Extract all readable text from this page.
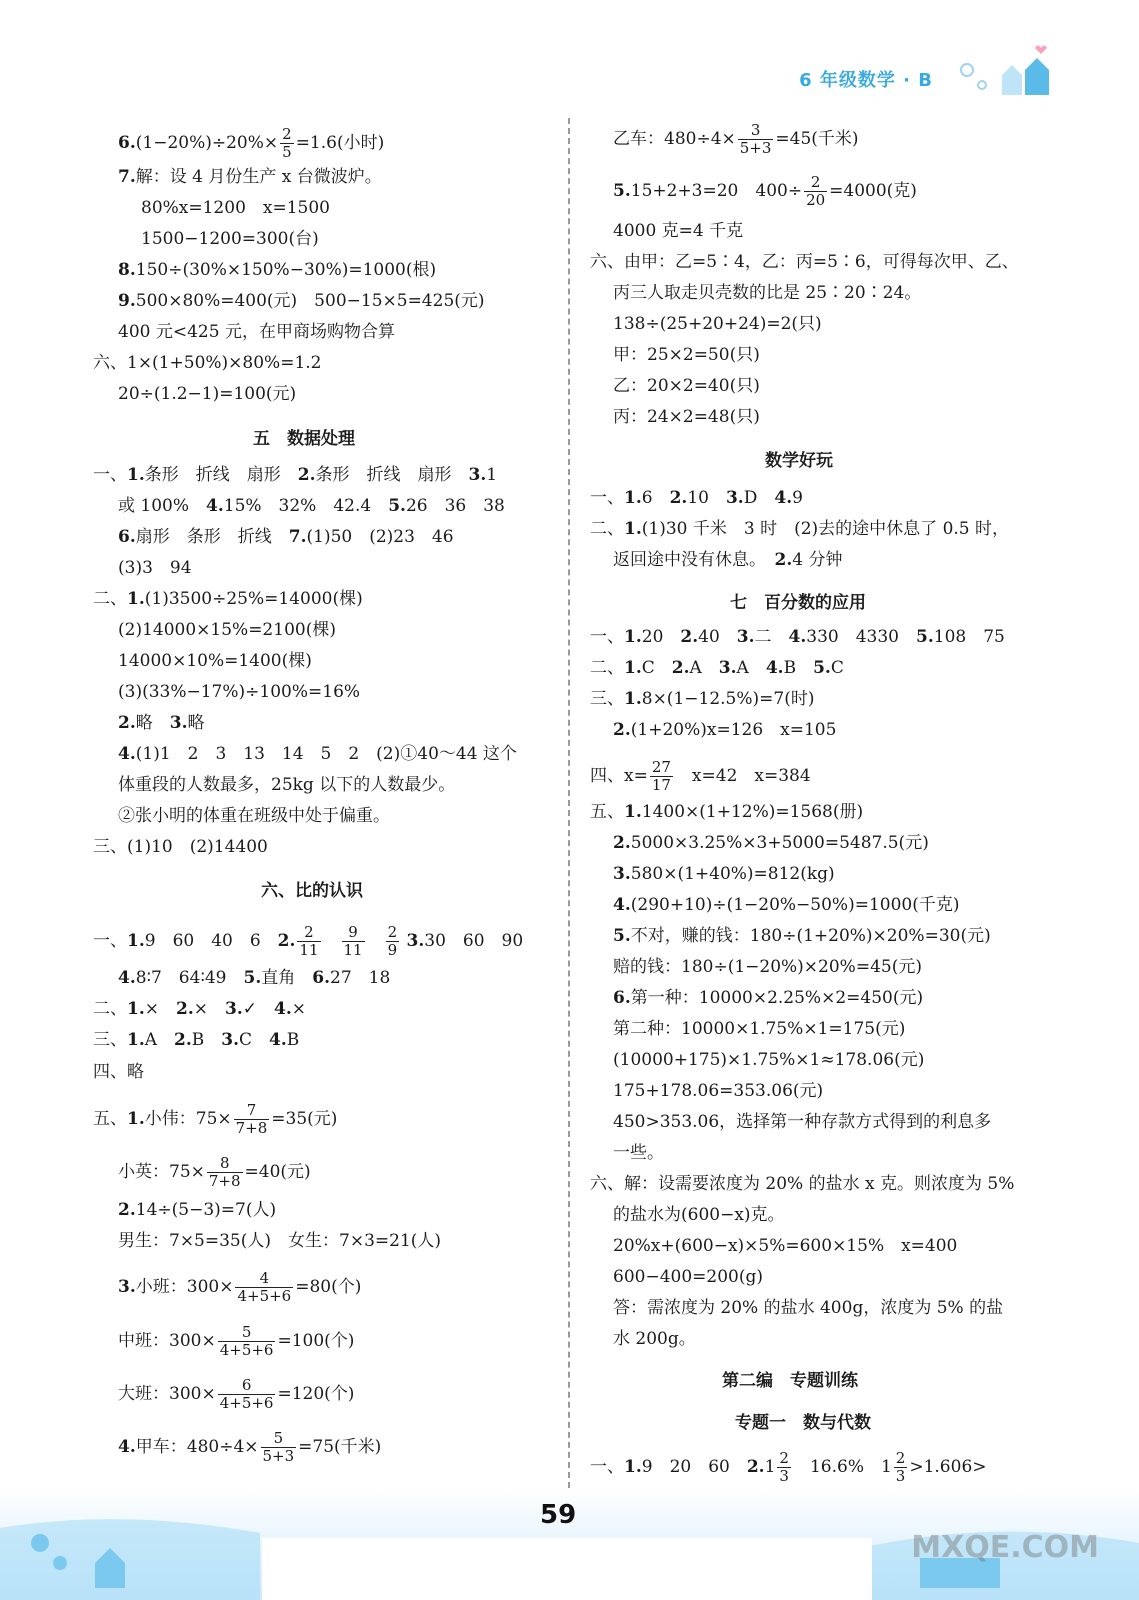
6 年级数学 · B
$6.(1-20\%)\div 20\%\times \frac{2}{5} =1.6$(小时)
7.解：设 4 月份生产 x 台微波炉。
80%x=1200　x=1500
1500−1200=300(台)
8.150÷(30%×150%−30%)=1000(根)
9.500×80%=400(元)　500−15×5=425(元)
400 元<425 元，在甲商场购物合算
六、1×(1+50%)×80%=1.2
20÷(1.2−1)=100(元)
五　数据处理
一、1.条形　折线　扇形　2.条形　折线　扇形　3.1
或 100%　4.15%　32%　42.4　5.26　36　38
6.扇形　条形　折线　7.(1)50　(2)23　46
(3)3　94
二、1.(1)3500÷25%=14000(棵)
(2)14000×15%=2100(棵)
14000×10%=1400(棵)
(3)(33%−17%)÷100%=16%
2.略　3.略
4.(1)1　2　3　13　14　5　2　(2)①40～44 这个
体重段的人数最多，25kg 以下的人数最少。
②张小明的体重在班级中处于偏重。
三、(1)10　(2)14400
六、比的认识
一、1.9　60　40　6　2. $\frac{2}{11}$
　 $\frac{9}{11}$
　 $\frac{2}{9} 3.30$　60　90
4.8∶7　64∶49　5.直角　6.27　18
二、1.×　2.×　3.✓　4.×
三、1.A　2.B　3.C　4.B
四、略
五、1.小伟：$75\times \frac{7}{7+8} =35$(元)
小英：$75\times \frac{8}{7+8} =40$(元)
2.14÷(5−3)=7(人)
男生：7×5=35(人)　女生：7×3=21(人)
3.小班：$300\times \frac{4}{4+5+6} =80$(个)
中班：$300\times \frac{5}{4+5+6} =100$(个)
大班：$300\times \frac{6}{4+5+6} =120$(个)
4.甲车：$480\div 4\times \frac{5}{5+3} =75$(千米)
乙车：$480\div 4\times \frac{3}{5+3} =45$(千米)
5.15+2+3=20　$400\div \frac{2}{20} =4000$(克)
4000 克=4 千克
六、由甲：乙=5∶4，乙：丙=5∶6，可得每次甲、乙、
丙三人取走贝壳数的比是 25∶20∶24。
138÷(25+20+24)=2(只)
甲：25×2=50(只)
乙：20×2=40(只)
丙：24×2=48(只)
数学好玩
一、1.6　2.10　3.D　4.9
二、1.(1)30 千米　3 时　(2)去的途中休息了 0.5 时，
返回途中没有休息。　2.4 分钟
七　百分数的应用
一、1.20　2.40　3.二　4.330　4330　5.108　75
二、1.C　2.A　3.A　4.B　5.C
三、1.8×(1−12.5%)=7(时)
2.(1+20%)x=126　x=105
四、$x= \frac{27}{17}$ 　x=42　x=384
五、1.1400×(1+12%)=1568(册)
2.5000×3.25%×3+5000=5487.5(元)
3.580×(1+40%)=812(kg)
4.(290+10)÷(1−20%−50%)=1000(千克)
5.不对，赚的钱：180÷(1+20%)×20%=30(元)
赔的钱：180÷(1−20%)×20%=45(元)
6.第一种：10000×2.25%×2=450(元)
第二种：10000×1.75%×1=175(元)
(10000+175)×1.75%×1≈178.06(元)
175+178.06=353.06(元)
450>353.06，选择第一种存款方式得到的利息多
一些。
六、解：设需要浓度为 20% 的盐水 x 克。则浓度为 5%
的盐水为(600−x)克。
20%x+(600−x)×5%=600×15%　x=400
600−400=200(g)
答：需浓度为 20% 的盐水 400g，浓度为 5% 的盐
水 200g。
第二编　专题训练
专题一　数与代数
一、1.9　20　60　$2.1 \frac{2}{3}$ 　16.6%　$1 \frac{2}{3} >1.606>$
59
MXQE.COM
